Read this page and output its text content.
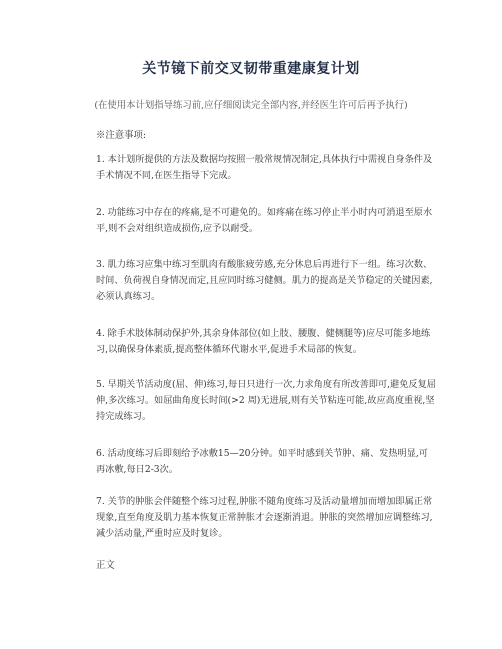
关节镜下前交叉韧带重建康复计划
(在使用本计划指导练习前,应仔细阅读完全部内容,并经医生许可后再予执行)
※注意事项:
1. 本计划所提供的方法及数据均按照一般常规情况制定,具体执行中需视自身条件及手术情况不同,在医生指导下完成。
2. 功能练习中存在的疼痛,是不可避免的。如疼痛在练习停止半小时内可消退至原水平,则不会对组织造成损伤,应予以耐受。
3. 肌力练习应集中练习至肌肉有酸胀疲劳感,充分休息后再进行下一组。练习次数、时间、负荷视自身情况而定,且应同时练习健侧。肌力的提高是关节稳定的关键因素,必须认真练习。
4. 除手术肢体制动保护外,其余身体部位(如上肢、腰腹、健侧腿等)应尽可能多地练习,以确保身体素质,提高整体循环代谢水平,促进手术局部的恢复。
5. 早期关节活动度(屈、伸)练习,每日只进行一次,力求角度有所改善即可,避免反复屈伸,多次练习。如屈曲角度长时间(>2 周)无进展,则有关节粘连可能,故应高度重视,坚持完成练习。
6. 活动度练习后即刻给予冰敷15—20分钟。如平时感到关节肿、痛、发热明显,可再冰敷,每日2-3次。
7. 关节的肿胀会伴随整个练习过程,肿胀不随角度练习及活动量增加而增加即属正常现象,直至角度及肌力基本恢复正常肿胀才会逐渐消退。肿胀的突然增加应调整练习,减少活动量,严重时应及时复诊。
正文
